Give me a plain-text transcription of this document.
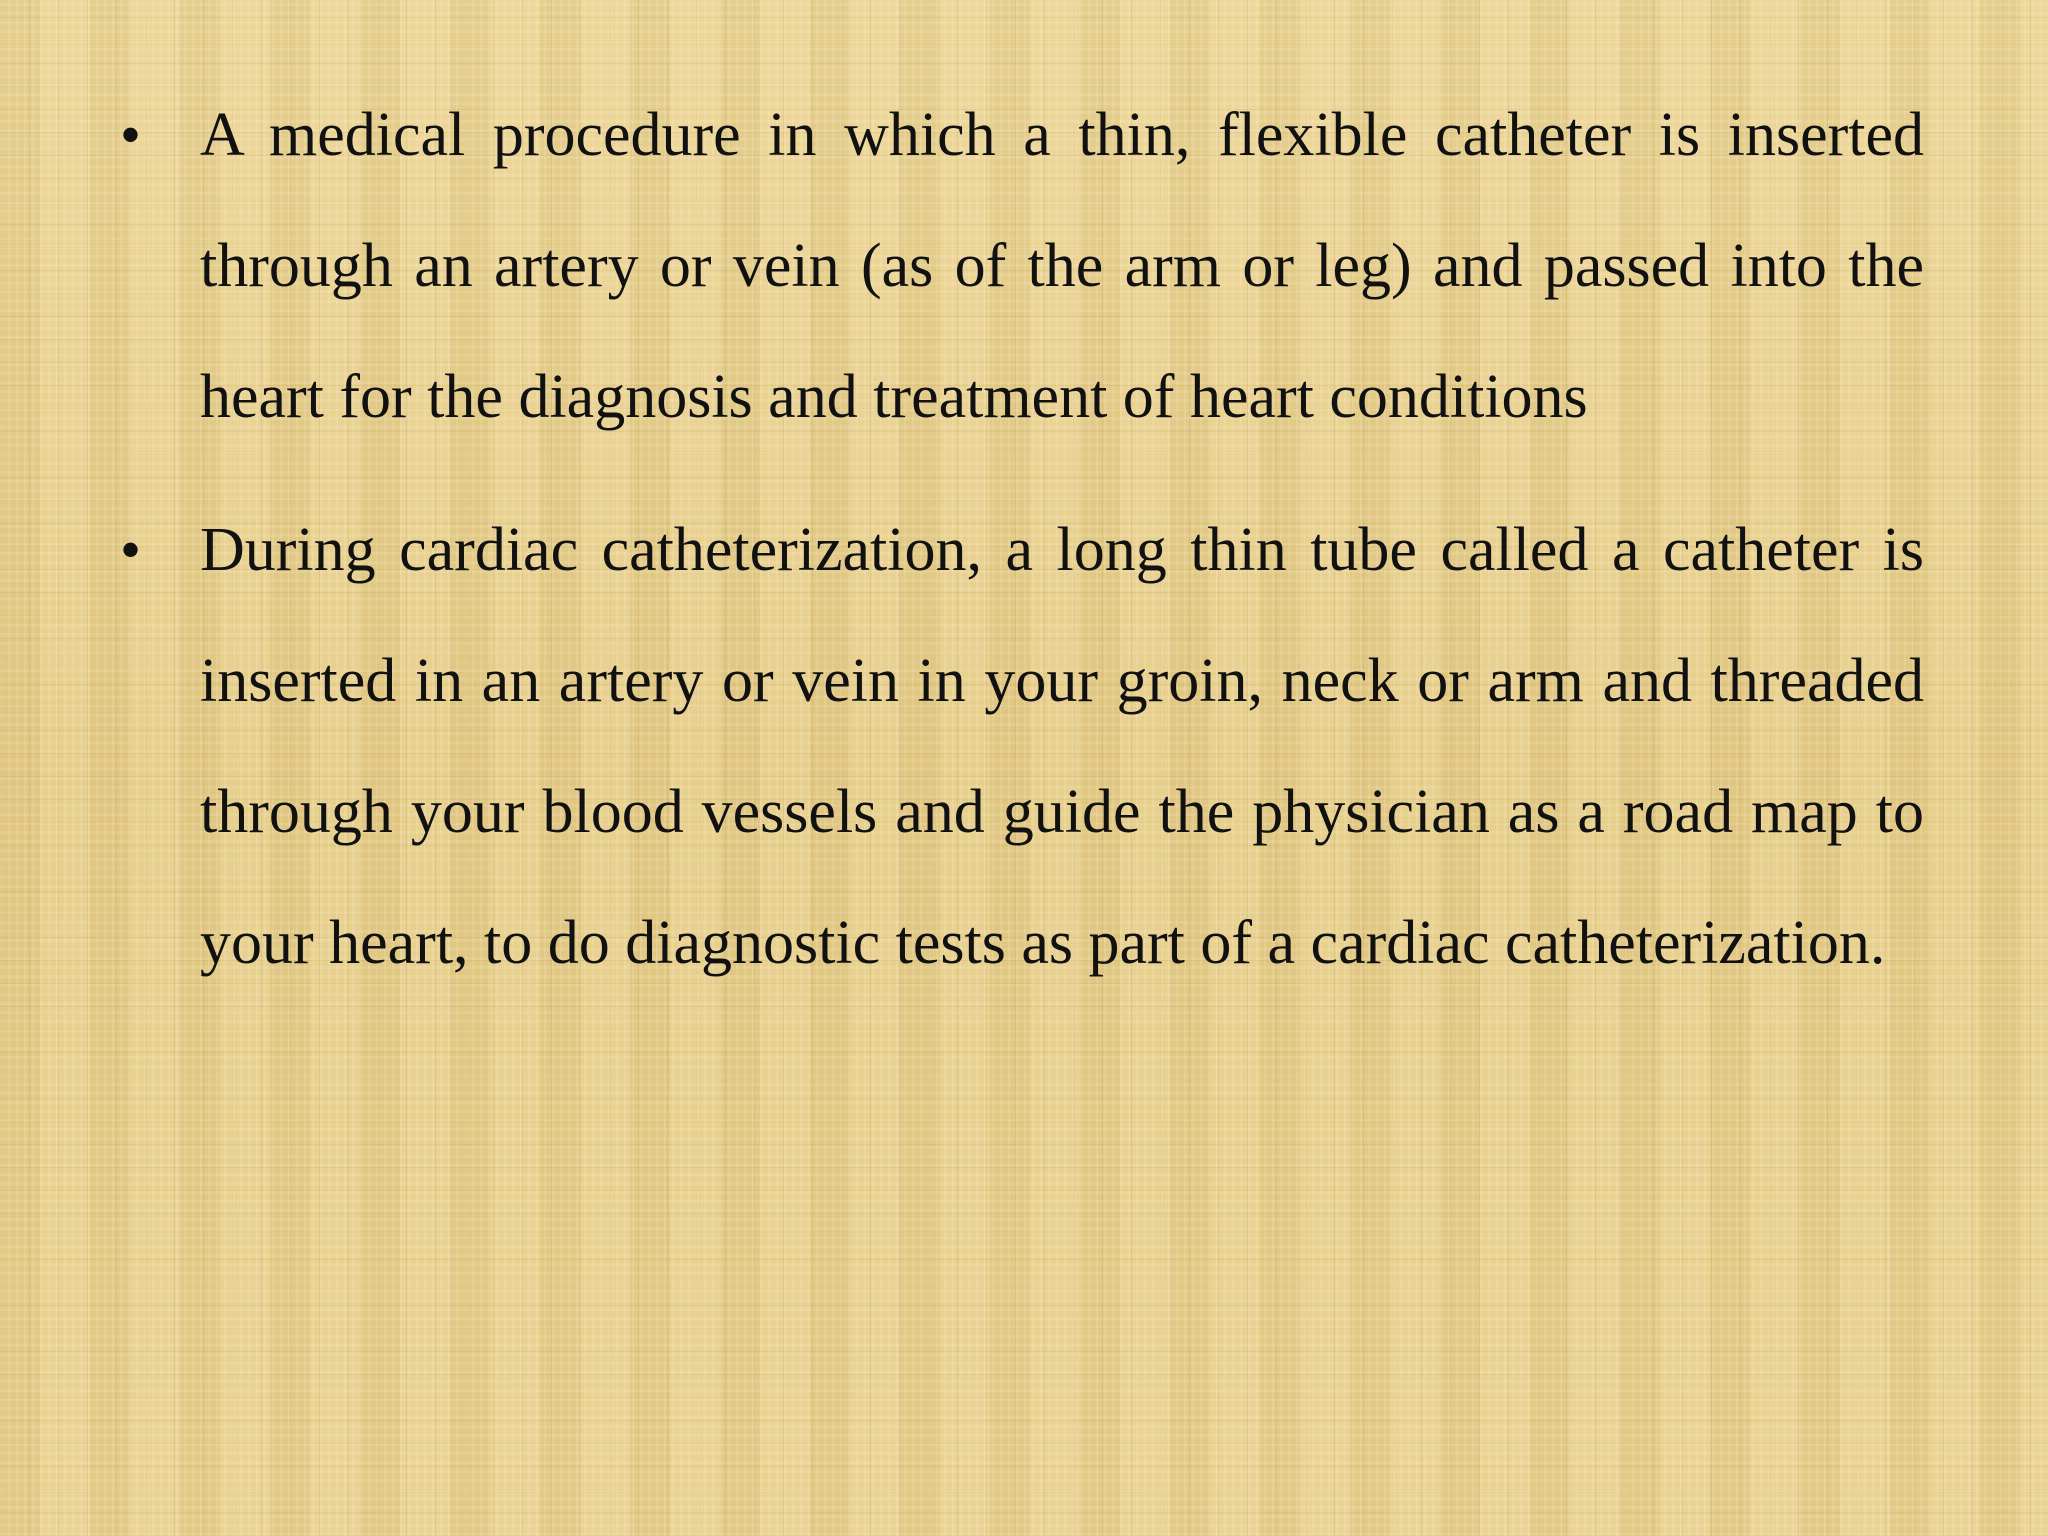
• A medical procedure in which a thin, flexible catheter is inserted through an artery or vein (as of the arm or leg) and passed into the heart for the diagnosis and treatment of heart conditions
• During cardiac catheterization, a long thin tube called a catheter is inserted in an artery or vein in your groin, neck or arm and threaded through your blood vessels and guide the physician as a road map to your heart, to do diagnostic tests as part of a cardiac catheterization.
